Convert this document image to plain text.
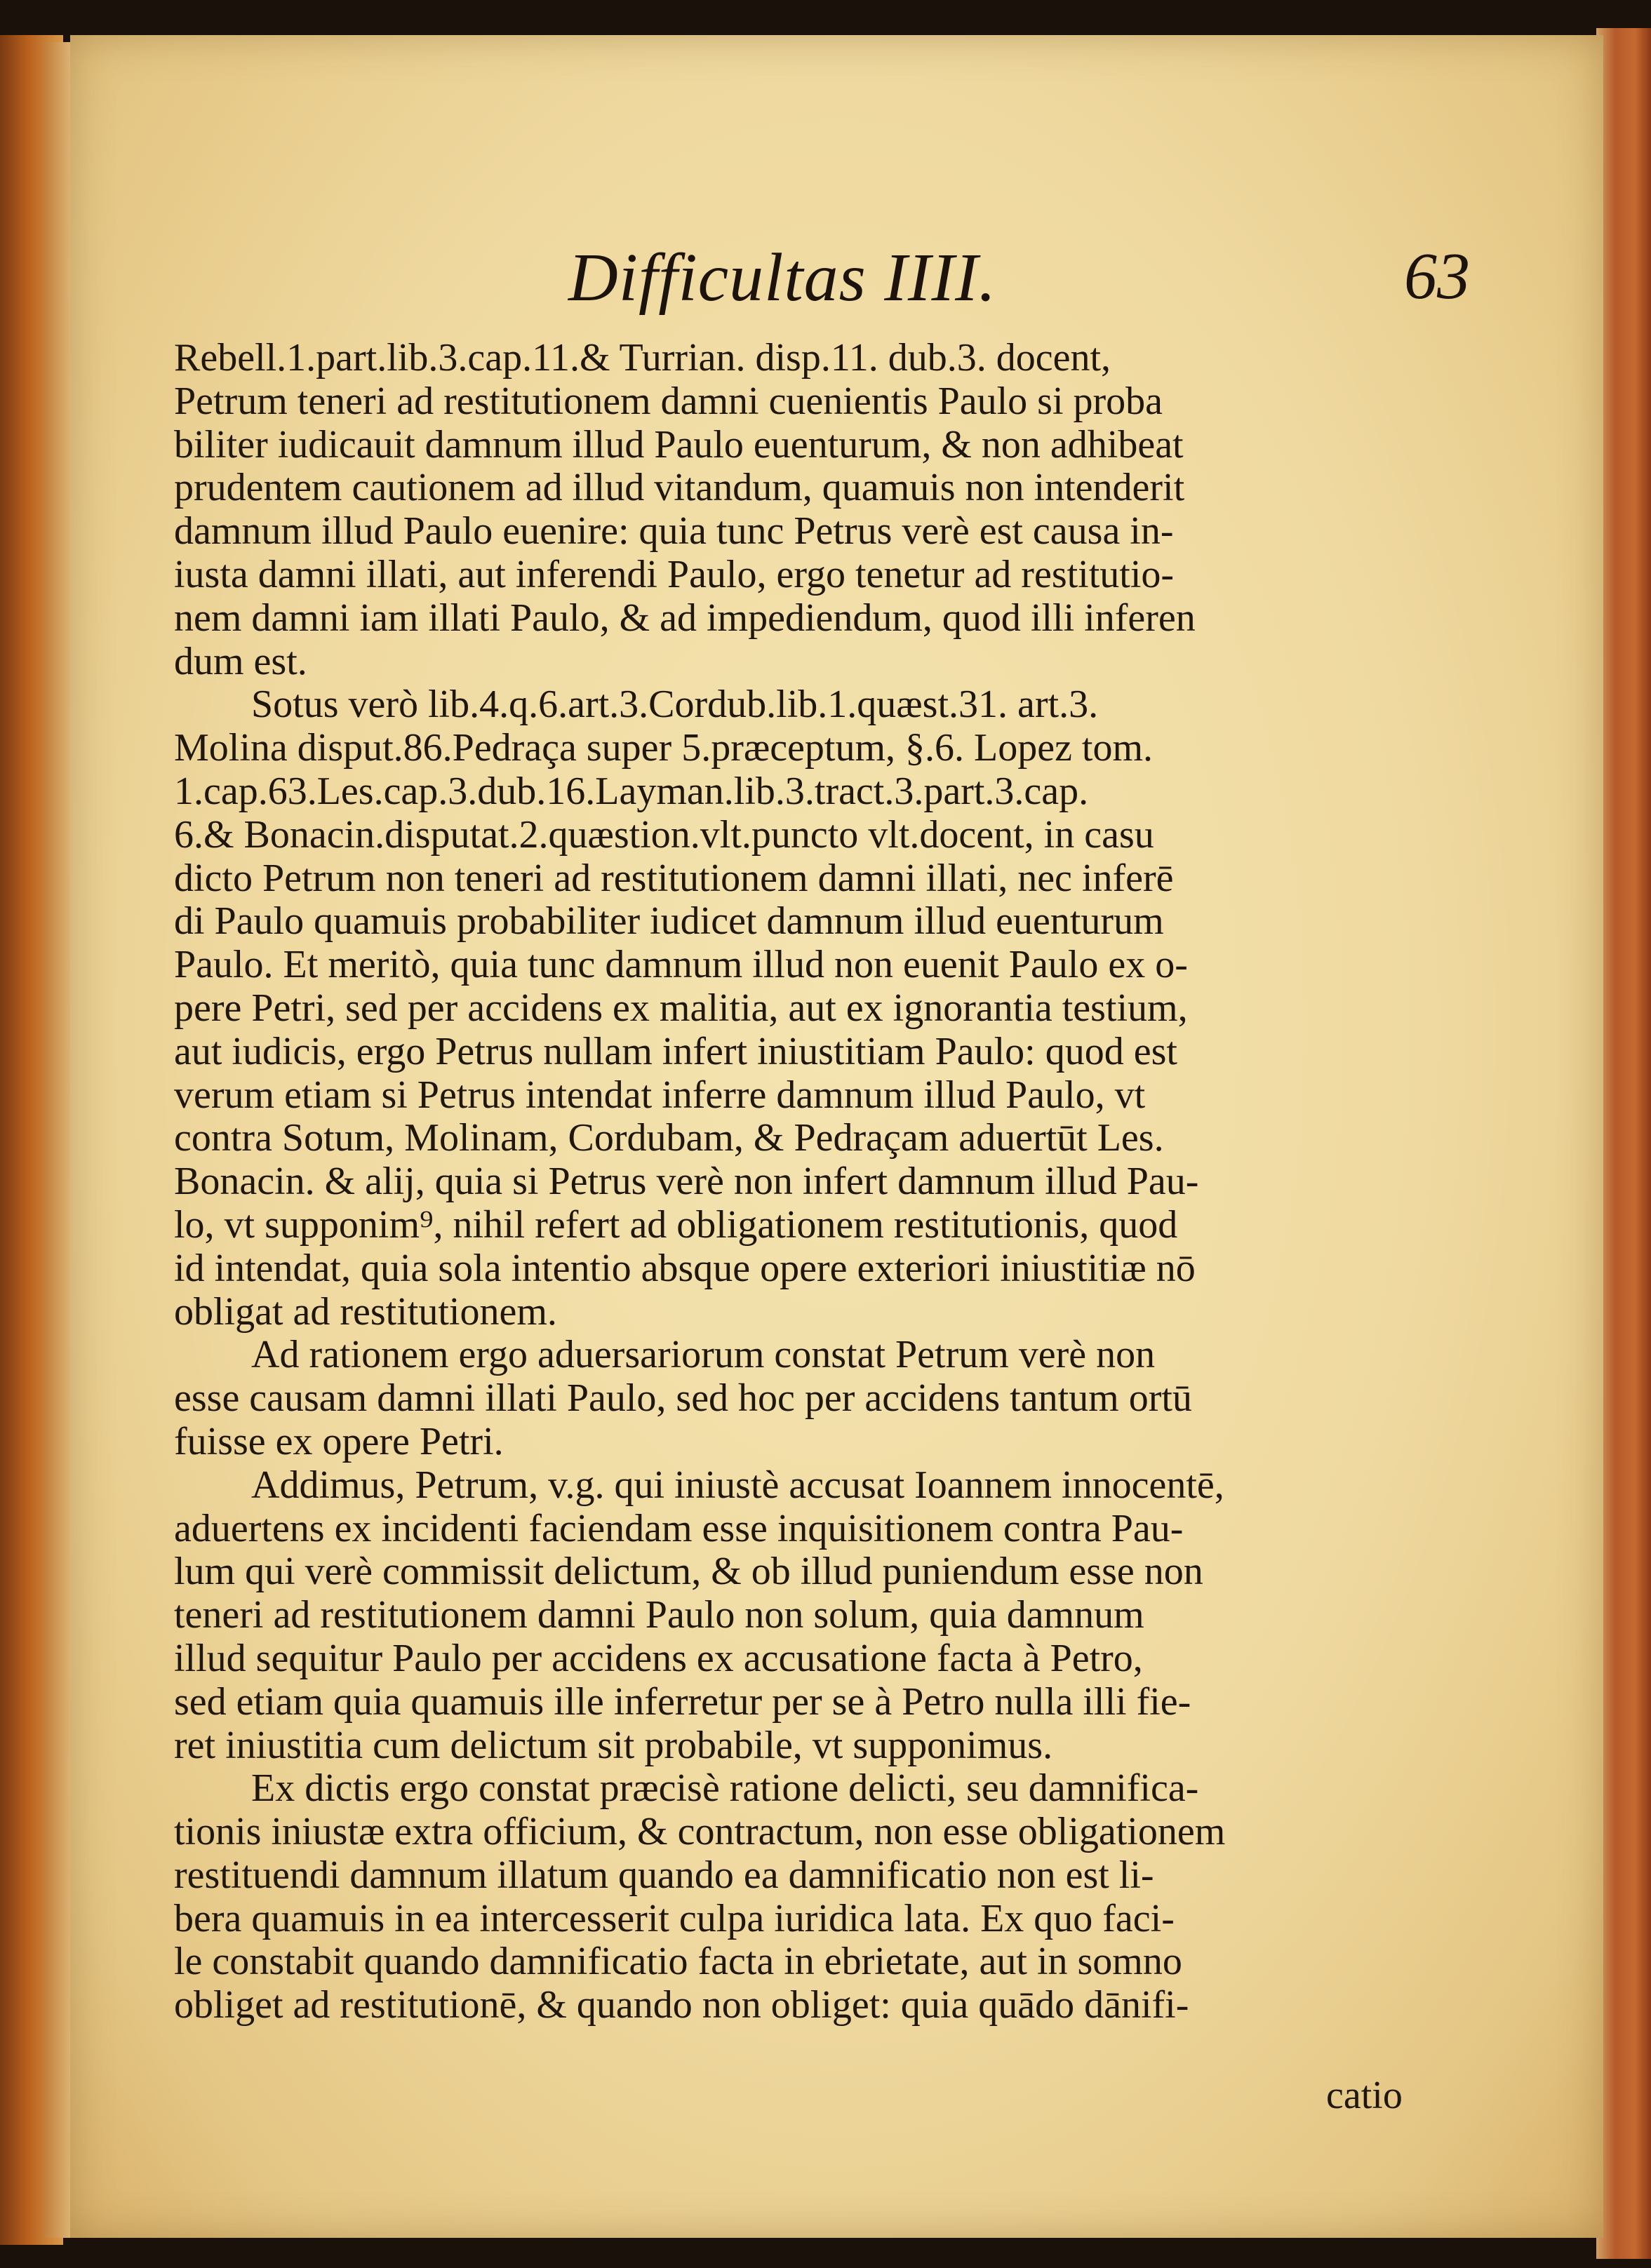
Difficultas IIII.	63
Rebell.1.part.lib.3.cap.11.& Turrian. disp.11. dub.3. docent,
Petrum teneri ad restitutionem damni cuenientis Paulo si proba
biliter iudicauit damnum illud Paulo euenturum, & non adhibeat
prudentem cautionem ad illud vitandum, quamuis non intenderit
damnum illud Paulo euenire: quia tunc Petrus verè est causa in-
iusta damni illati, aut inferendi Paulo, ergo tenetur ad restitutio-
nem damni iam illati Paulo, & ad impediendum, quod illi inferen
dum est.
Sotus verò lib.4.q.6.art.3.Cordub.lib.1.quæst.31. art.3.
Molina disput.86.Pedraça super 5.præceptum, §.6. Lopez tom.
1.cap.63.Les.cap.3.dub.16.Layman.lib.3.tract.3.part.3.cap.
6.& Bonacin.disputat.2.quæstion.vlt.puncto vlt.docent, in casu
dicto Petrum non teneri ad restitutionem damni illati, nec inferē
di Paulo quamuis probabiliter iudicet damnum illud euenturum
Paulo. Et meritò, quia tunc damnum illud non euenit Paulo ex o-
pere Petri, sed per accidens ex malitia, aut ex ignorantia testium,
aut iudicis, ergo Petrus nullam infert iniustitiam Paulo: quod est
verum etiam si Petrus intendat inferre damnum illud Paulo, vt
contra Sotum, Molinam, Cordubam, & Pedraçam aduertūt Les.
Bonacin. & alij, quia si Petrus verè non infert damnum illud Pau-
lo, vt supponim⁹, nihil refert ad obligationem restitutionis, quod
id intendat, quia sola intentio absque opere exteriori iniustitiæ nō
obligat ad restitutionem.
Ad rationem ergo aduersariorum constat Petrum verè non
esse causam damni illati Paulo, sed hoc per accidens tantum ortū
fuisse ex opere Petri.
Addimus, Petrum, v.g. qui iniustè accusat Ioannem innocentē,
aduertens ex incidenti faciendam esse inquisitionem contra Pau-
lum qui verè commissit delictum, & ob illud puniendum esse non
teneri ad restitutionem damni Paulo non solum, quia damnum
illud sequitur Paulo per accidens ex accusatione facta à Petro,
sed etiam quia quamuis ille inferretur per se à Petro nulla illi fie-
ret iniustitia cum delictum sit probabile, vt supponimus.
Ex dictis ergo constat præcisè ratione delicti, seu damnifica-
tionis iniustæ extra officium, & contractum, non esse obligationem
restituendi damnum illatum quando ea damnificatio non est li-
bera quamuis in ea intercesserit culpa iuridica lata. Ex quo faci-
le constabit quando damnificatio facta in ebrietate, aut in somno
obliget ad restitutionē, & quando non obliget: quia quādo dānifi-
catio
